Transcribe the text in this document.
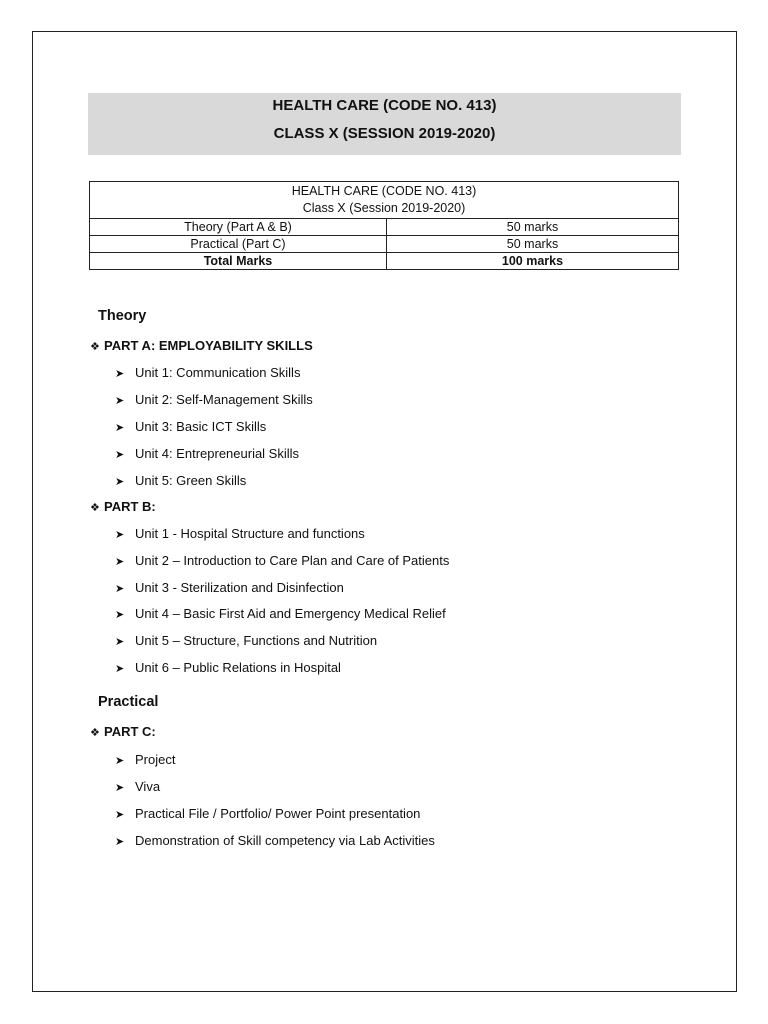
HEALTH CARE (CODE NO. 413)
CLASS X (SESSION 2019-2020)
HEALTH CARE (CODE NO. 413)
Class X (Session 2019-2020)	

Theory (Part A & B)	50 marks
Practical (Part C)	50 marks
Total Marks	100 marks
Theory
❖ PART A: EMPLOYABILITY SKILLS
➤ Unit 1: Communication Skills
➤ Unit 2: Self-Management Skills
➤ Unit 3: Basic ICT Skills
➤ Unit 4: Entrepreneurial Skills
➤ Unit 5: Green Skills
❖ PART B:
➤ Unit 1 - Hospital Structure and functions
➤ Unit 2 – Introduction to Care Plan and Care of Patients
➤ Unit 3 - Sterilization and Disinfection
➤ Unit 4 – Basic First Aid and Emergency Medical Relief
➤ Unit 5 – Structure, Functions and Nutrition
➤ Unit 6 – Public Relations in Hospital
Practical
❖ PART C:
➤ Project
➤ Viva
➤ Practical File / Portfolio/ Power Point presentation
➤ Demonstration of Skill competency via Lab Activities
